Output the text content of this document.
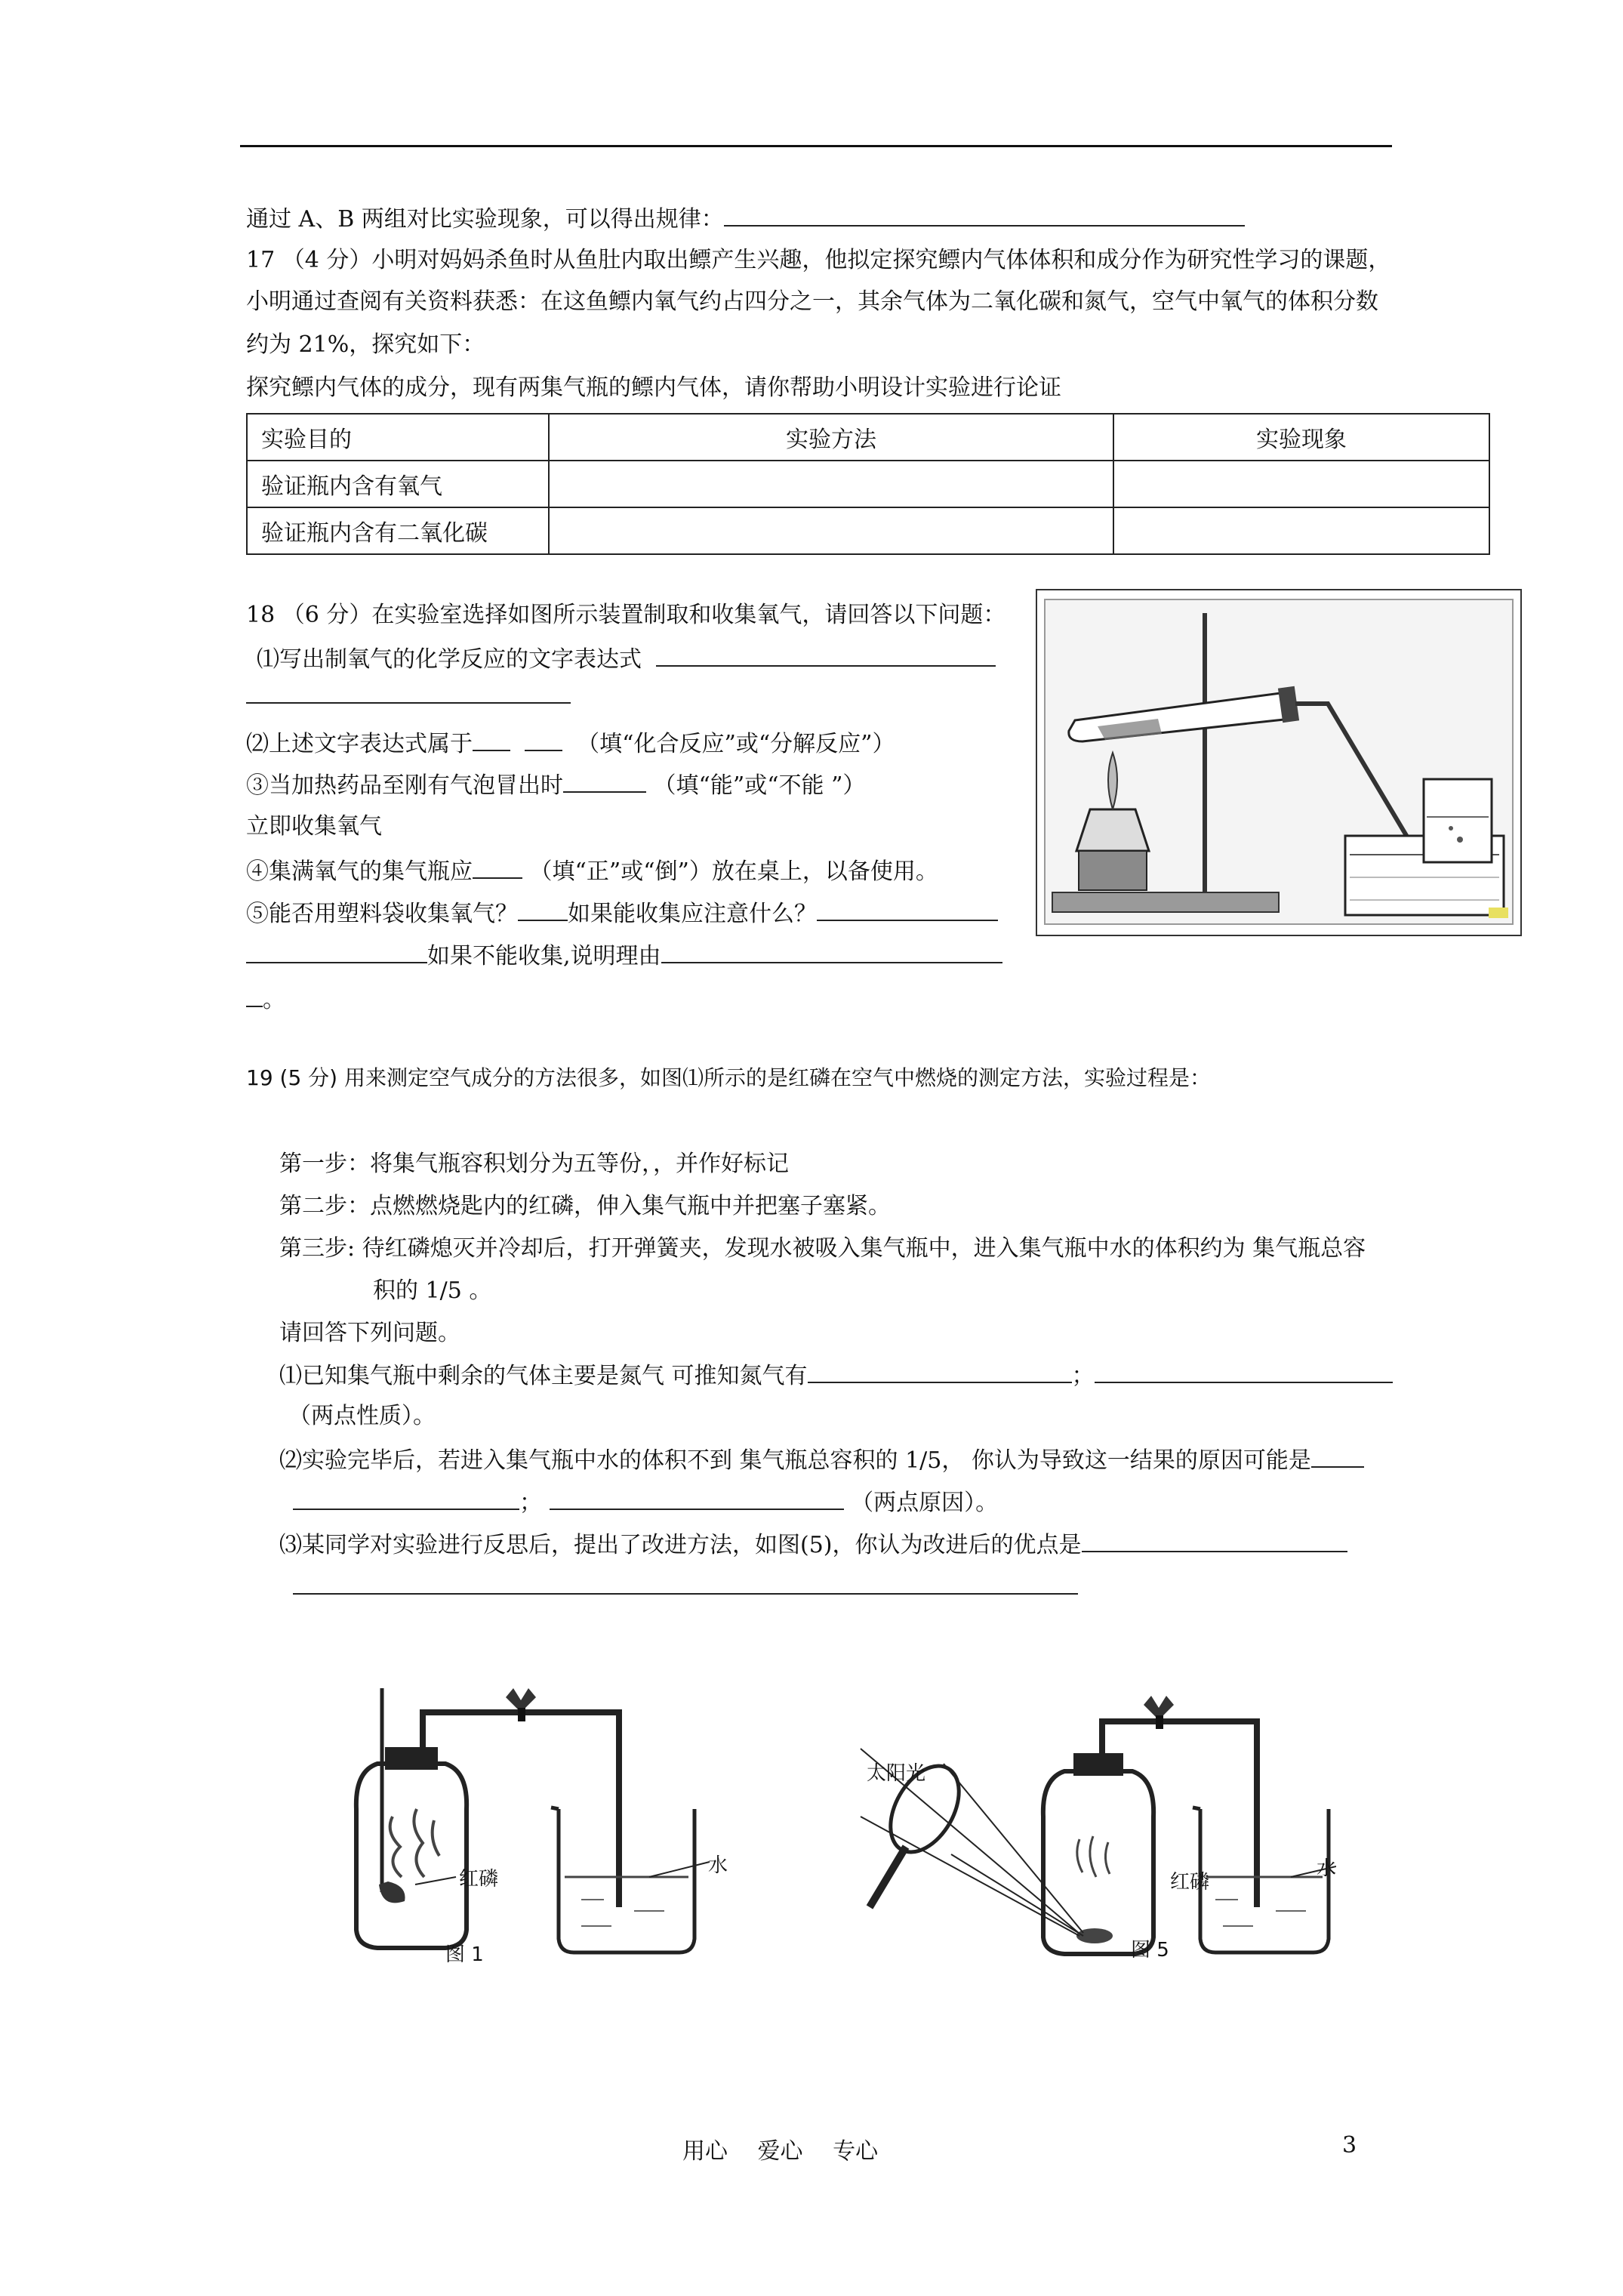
通过 A、B 两组对比实验现象，可以得出规律：
17 （4 分）小明对妈妈杀鱼时从鱼肚内取出鳔产生兴趣，他拟定探究鳔内气体体积和成分作为研究性学习的课题，
小明通过查阅有关资料获悉：在这鱼鳔内氧气约占四分之一，其余气体为二氧化碳和氮气，空气中氧气的体积分数
约为 21%，探究如下：
探究鳔内气体的成分，现有两集气瓶的鳔内气体，请你帮助小明设计实验进行论证
实验目的	实验方法	实验现象
验证瓶内含有氧气		
验证瓶内含有二氧化碳		
18 （6 分）在实验室选择如图所示装置制取和收集氧气，请回答以下问题：
⑴写出制氧气的化学反应的文字表达式
⑵上述文字表达式属于	（填“化合反应”或“分解反应”）
③当加热药品至刚有气泡冒出时	（填“能”或“不能 ”）
立即收集氧气
④集满氧气的集气瓶应	（填“正”或“倒”）放在桌上，以备使用。
⑤能否用塑料袋收集氧气？ 如果能收集应注意什么？
如果不能收集,说明理由
。
19 (5 分) 用来测定空气成分的方法很多，如图⑴所示的是红磷在空气中燃烧的测定方法，实验过程是：
第一步：将集气瓶容积划分为五等份，，并作好标记
第二步：点燃燃烧匙内的红磷，伸入集气瓶中并把塞子塞紧。
第三步: 待红磷熄灭并冷却后，打开弹簧夹，发现水被吸入集气瓶中，进入集气瓶中水的体积约为 集气瓶总容
积的 1/5 。
请回答下列问题。
⑴已知集气瓶中剩余的气体主要是氮气 可推知氮气有	；
（两点性质）。
⑵实验完毕后，若进入集气瓶中水的体积不到 集气瓶总容积的 1/5， 你认为导致这一结果的原因可能是
；	（两点原因）。
⑶某同学对实验进行反思后，提出了改进方法，如图(5)，你认为改进后的优点是
红磷
水
图 1
太阳光
红磷
水
图 5
用心　 爱心　 专心	3
